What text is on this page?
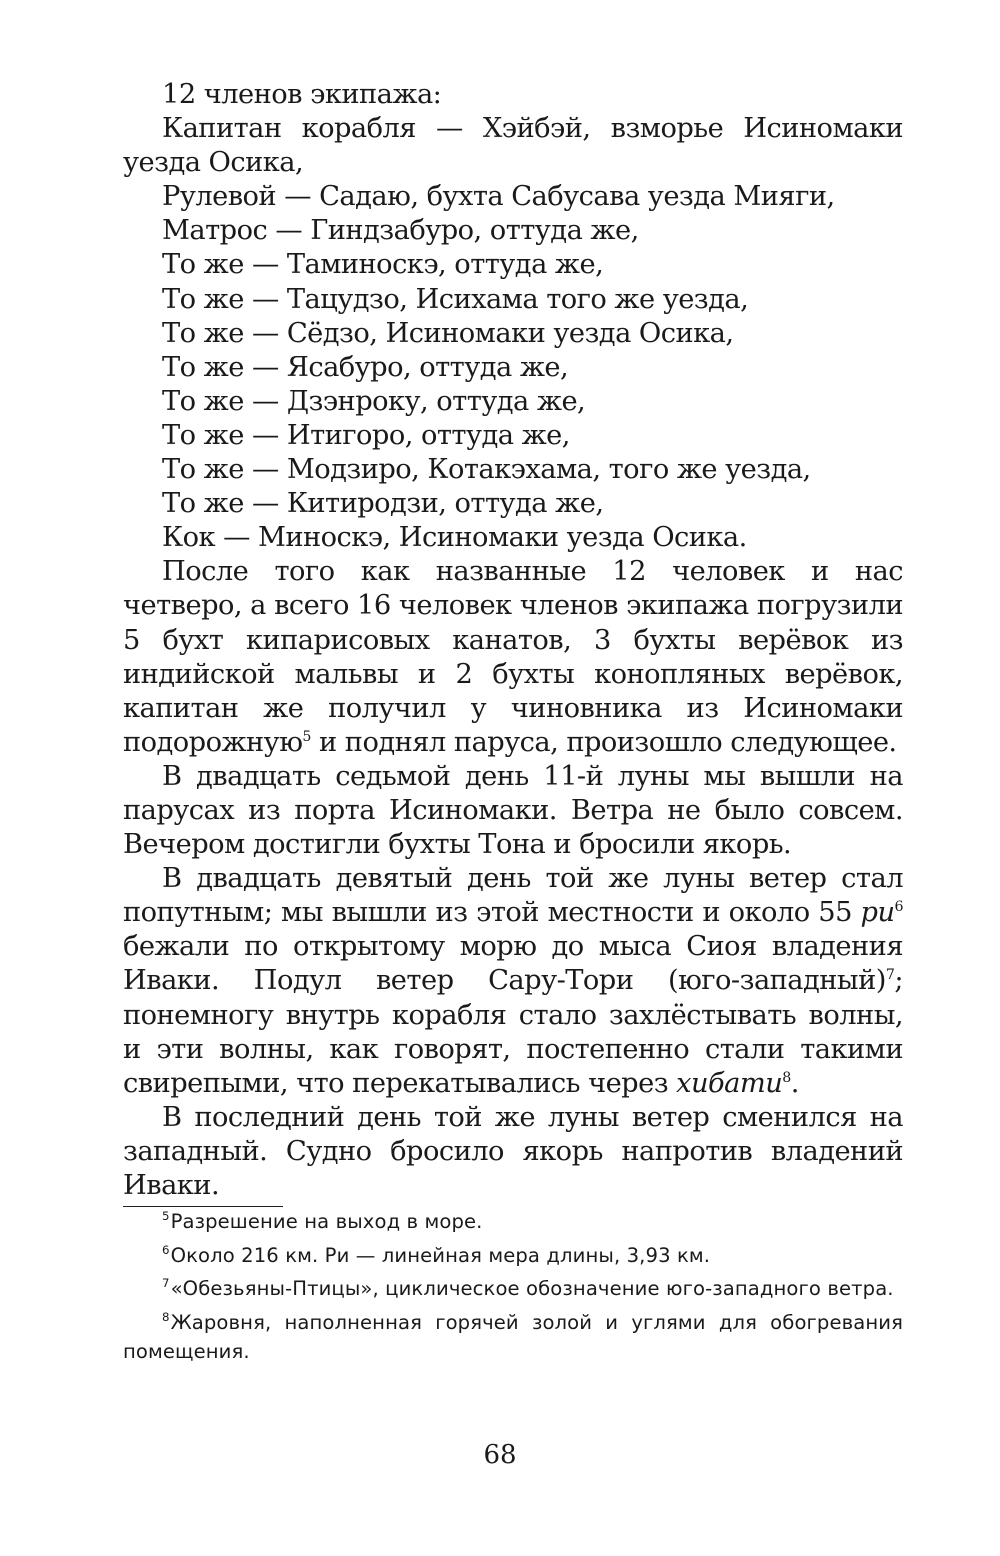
12 членов экипажа:

Капитан корабля — Хэйбэй, взморье Исиномаки уезда Осика,

Рулевой — Садаю, бухта Сабусава уезда Мияги,

Матрос — Гиндзабуро, оттуда же,

То же — Таминоскэ, оттуда же,

То же — Тацудзо, Исихама того же уезда,

То же — Сёдзо, Исиномаки уезда Осика,

То же — Ясабуро, оттуда же,

То же — Дзэнроку, оттуда же,

То же — Итигоро, оттуда же,

То же — Модзиро, Котакэхама, того же уезда,

То же — Китиродзи, оттуда же,

Кок — Миноскэ, Исиномаки уезда Осика.

После того как названные 12 человек и нас четверо, а всего 16 человек членов экипажа погрузили 5 бухт кипарисовых канатов, 3 бухты верёвок из индийской мальвы и 2 бухты конопляных верёвок, капитан же получил у чиновника из Исиномаки подорожную$^5$ и поднял паруса, произошло следующее.

В двадцать седьмой день 11-й луны мы вышли на парусах из порта Исиномаки. Ветра не было совсем. Вечером достигли бухты Тона и бросили якорь.

В двадцать девятый день той же луны ветер стал попутным; мы вышли из этой местности и около 55 $ри^6$ бежали по открытому морю до мыса Сиоя владения Иваки. Подул ветер Сару-Тори (юго-западный)$^7$; понемногу внутрь корабля стало захлёстывать волны, и эти волны, как говорят, постепенно стали такими свирепыми, что перекатывались через хибати$^8$.

В последний день той же луны ветер сменился на западный. Судно бросило якорь напротив владений Иваки.

$^5$Разрешение на выход в море.

$^6$Около 216 км. Ри — линейная мера длины, 3,93 км.

$^7$«Обезьяны-Птицы», циклическое обозначение юго-западного ветра.

$^8$Жаровня, наполненная горячей золой и углями для обогревания помещения.

68
